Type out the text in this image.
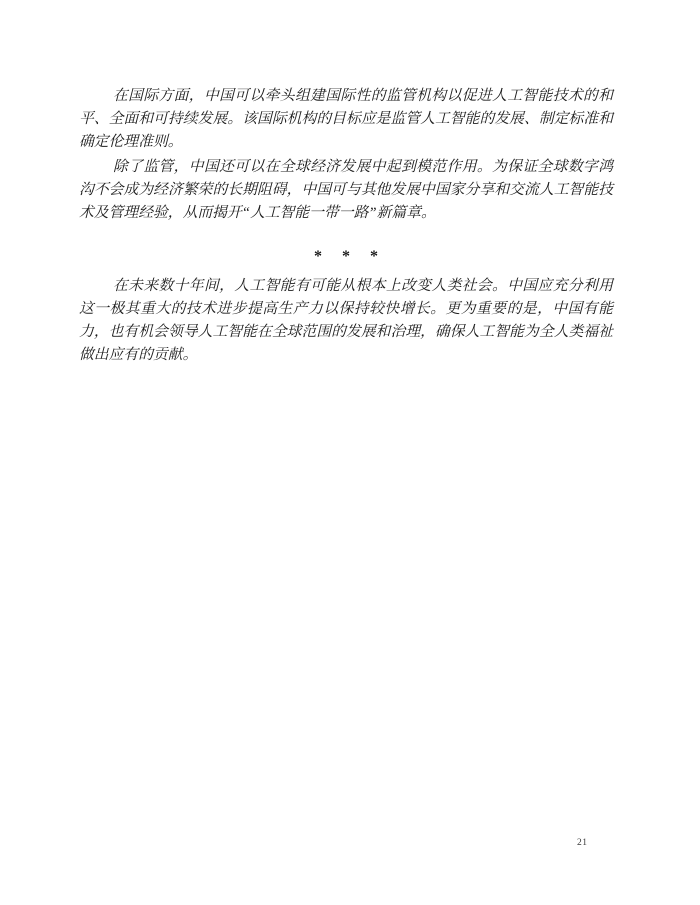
在国际方面，中国可以牵头组建国际性的监管机构以促进人工智能技术的和平、全面和可持续发展。该国际机构的目标应是监管人工智能的发展、制定标准和确定伦理准则。

除了监管，中国还可以在全球经济发展中起到模范作用。为保证全球数字鸿沟不会成为经济繁荣的长期阻碍，中国可与其他发展中国家分享和交流人工智能技术及管理经验，从而揭开“人工智能一带一路”新篇章。

* * *

在未来数十年间，人工智能有可能从根本上改变人类社会。中国应充分利用这一极其重大的技术进步提高生产力以保持较快增长。更为重要的是，中国有能力，也有机会领导人工智能在全球范围的发展和治理，确保人工智能为全人类福祉做出应有的贡献。

21
